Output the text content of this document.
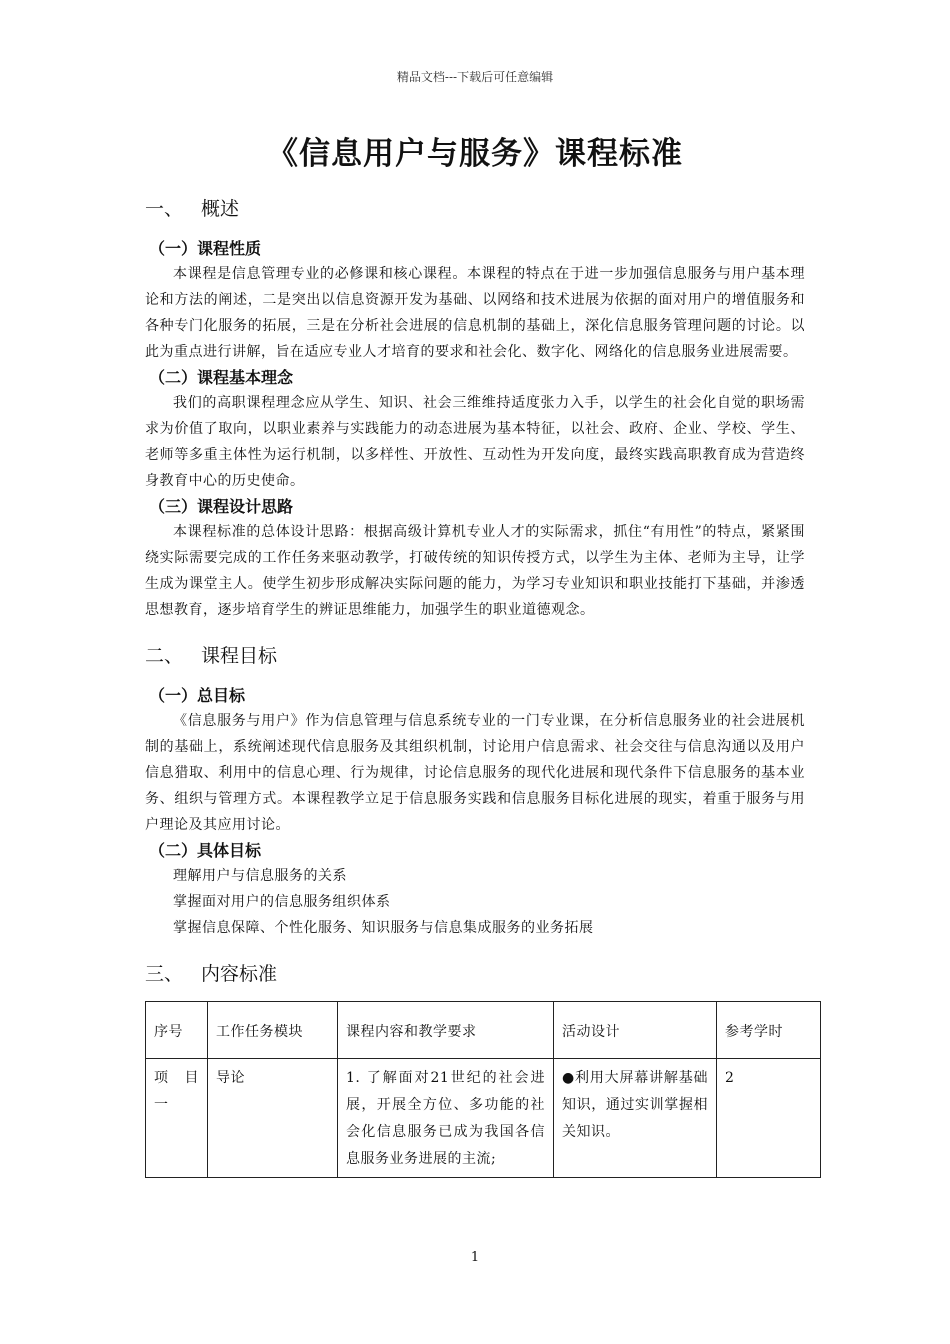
精品文档---下载后可任意编辑
《信息用户与服务》课程标准
一、 概述
（一）课程性质

本课程是信息管理专业的必修课和核心课程。本课程的特点在于进一步加强信息服务与用户基本理论和方法的阐述，二是突出以信息资源开发为基础、以网络和技术进展为依据的面对用户的增值服务和各种专门化服务的拓展，三是在分析社会进展的信息机制的基础上，深化信息服务管理问题的讨论。以此为重点进行讲解，旨在适应专业人才培育的要求和社会化、数字化、网络化的信息服务业进展需要。

（二）课程基本理念

我们的高职课程理念应从学生、知识、社会三维维持适度张力入手，以学生的社会化自觉的职场需求为价值了取向，以职业素养与实践能力的动态进展为基本特征，以社会、政府、企业、学校、学生、老师等多重主体性为运行机制，以多样性、开放性、互动性为开发向度，最终实践高职教育成为营造终身教育中心的历史使命。

（三）课程设计思路

本课程标准的总体设计思路：根据高级计算机专业人才的实际需求，抓住“有用性”的特点，紧紧围绕实际需要完成的工作任务来驱动教学，打破传统的知识传授方式，以学生为主体、老师为主导，让学生成为课堂主人。使学生初步形成解决实际问题的能力，为学习专业知识和职业技能打下基础，并渗透思想教育，逐步培育学生的辨证思维能力，加强学生的职业道德观念。

二、 课程目标
（一）总目标

《信息服务与用户》作为信息管理与信息系统专业的一门专业课，在分析信息服务业的社会进展机制的基础上，系统阐述现代信息服务及其组织机制，讨论用户信息需求、社会交往与信息沟通以及用户信息猎取、利用中的信息心理、行为规律，讨论信息服务的现代化进展和现代条件下信息服务的基本业务、组织与管理方式。本课程教学立足于信息服务实践和信息服务目标化进展的现实，着重于服务与用户理论及其应用讨论。

（二）具体目标
理解用户与信息服务的关系
掌握面对用户的信息服务组织体系
掌握信息保障、个性化服务、知识服务与信息集成服务的业务拓展
三、 内容标准
序号	工作任务模块	课程内容和教学要求	活动设计	参考学时
项　目一	导论	1. 了解面对21世纪的社会进展，开展全方位、多功能的社会化信息服务已成为我国各信息服务业务进展的主流;	●利用大屏幕讲解基础知识，通过实训掌握相关知识。	2
1
